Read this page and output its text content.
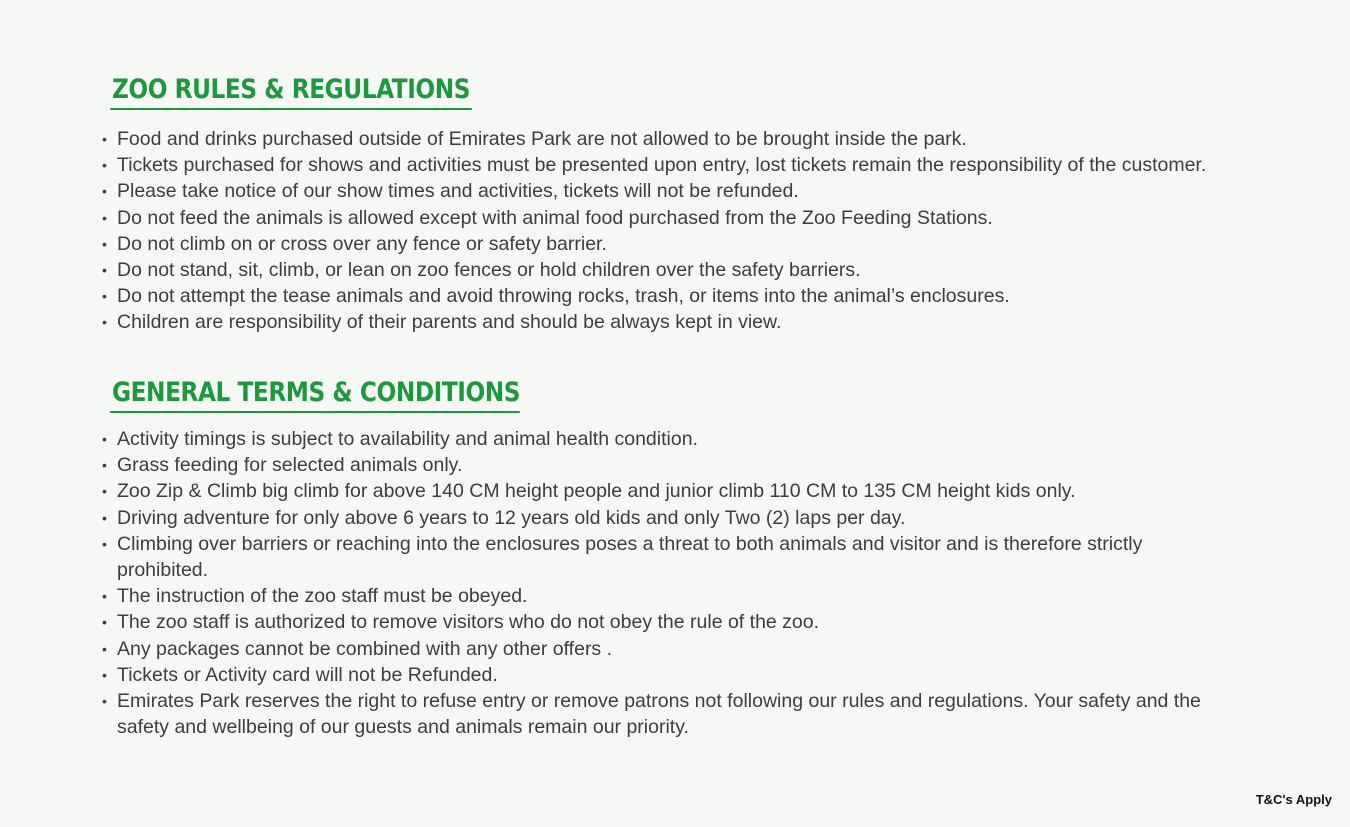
ZOO RULES & REGULATIONS
• Food and drinks purchased outside of Emirates Park are not allowed to be brought inside the park.
• Tickets purchased for shows and activities must be presented upon entry, lost tickets remain the responsibility of the customer.
• Please take notice of our show times and activities, tickets will not be refunded.
• Do not feed the animals is allowed except with animal food purchased from the Zoo Feeding Stations.
• Do not climb on or cross over any fence or safety barrier.
• Do not stand, sit, climb, or lean on zoo fences or hold children over the safety barriers.
• Do not attempt the tease animals and avoid throwing rocks, trash, or items into the animal’s enclosures.
• Children are responsibility of their parents and should be always kept in view.
GENERAL TERMS & CONDITIONS
• Activity timings is subject to availability and animal health condition.
• Grass feeding for selected animals only.
• Zoo Zip & Climb big climb for above 140 CM height people and junior climb 110 CM to 135 CM height kids only.
• Driving adventure for only above 6 years to 12 years old kids and only Two (2) laps per day.
• Climbing over barriers or reaching into the enclosures poses a threat to both animals and visitor and is therefore strictly prohibited.
• The instruction of the zoo staff must be obeyed.
• The zoo staff is authorized to remove visitors who do not obey the rule of the zoo.
• Any packages cannot be combined with any other offers .
• Tickets or Activity card will not be Refunded.
• Emirates Park reserves the right to refuse entry or remove patrons not following our rules and regulations. Your safety and the safety and wellbeing of our guests and animals remain our priority.
T&C's Apply
